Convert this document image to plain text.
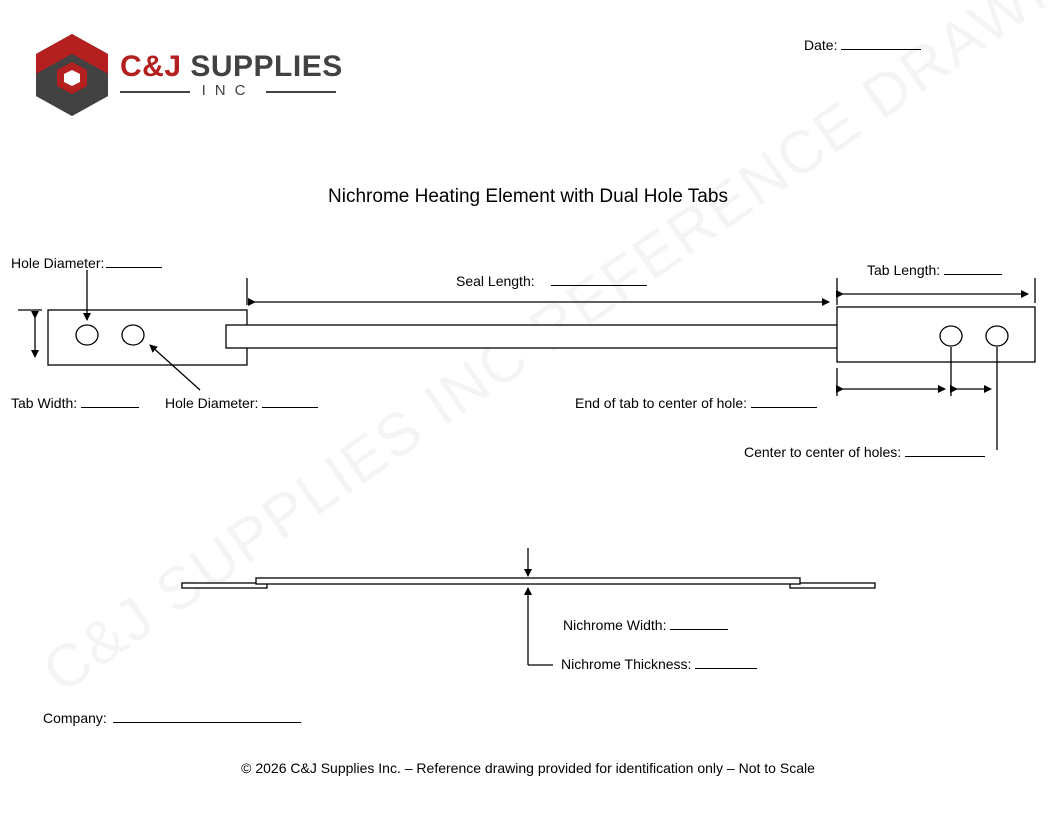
C&J SUPPLIES
INC
Date:
Nichrome Heating Element with Dual Hole Tabs
Hole Diameter:
Seal Length:
Tab Length:
Tab Width:	Hole Diameter:	End of tab to center of hole:
Center to center of holes:
Nichrome Width:
Nichrome Thickness:
Company:
© 2026 C&J Supplies Inc. – Reference drawing provided for identification only – Not to Scale
